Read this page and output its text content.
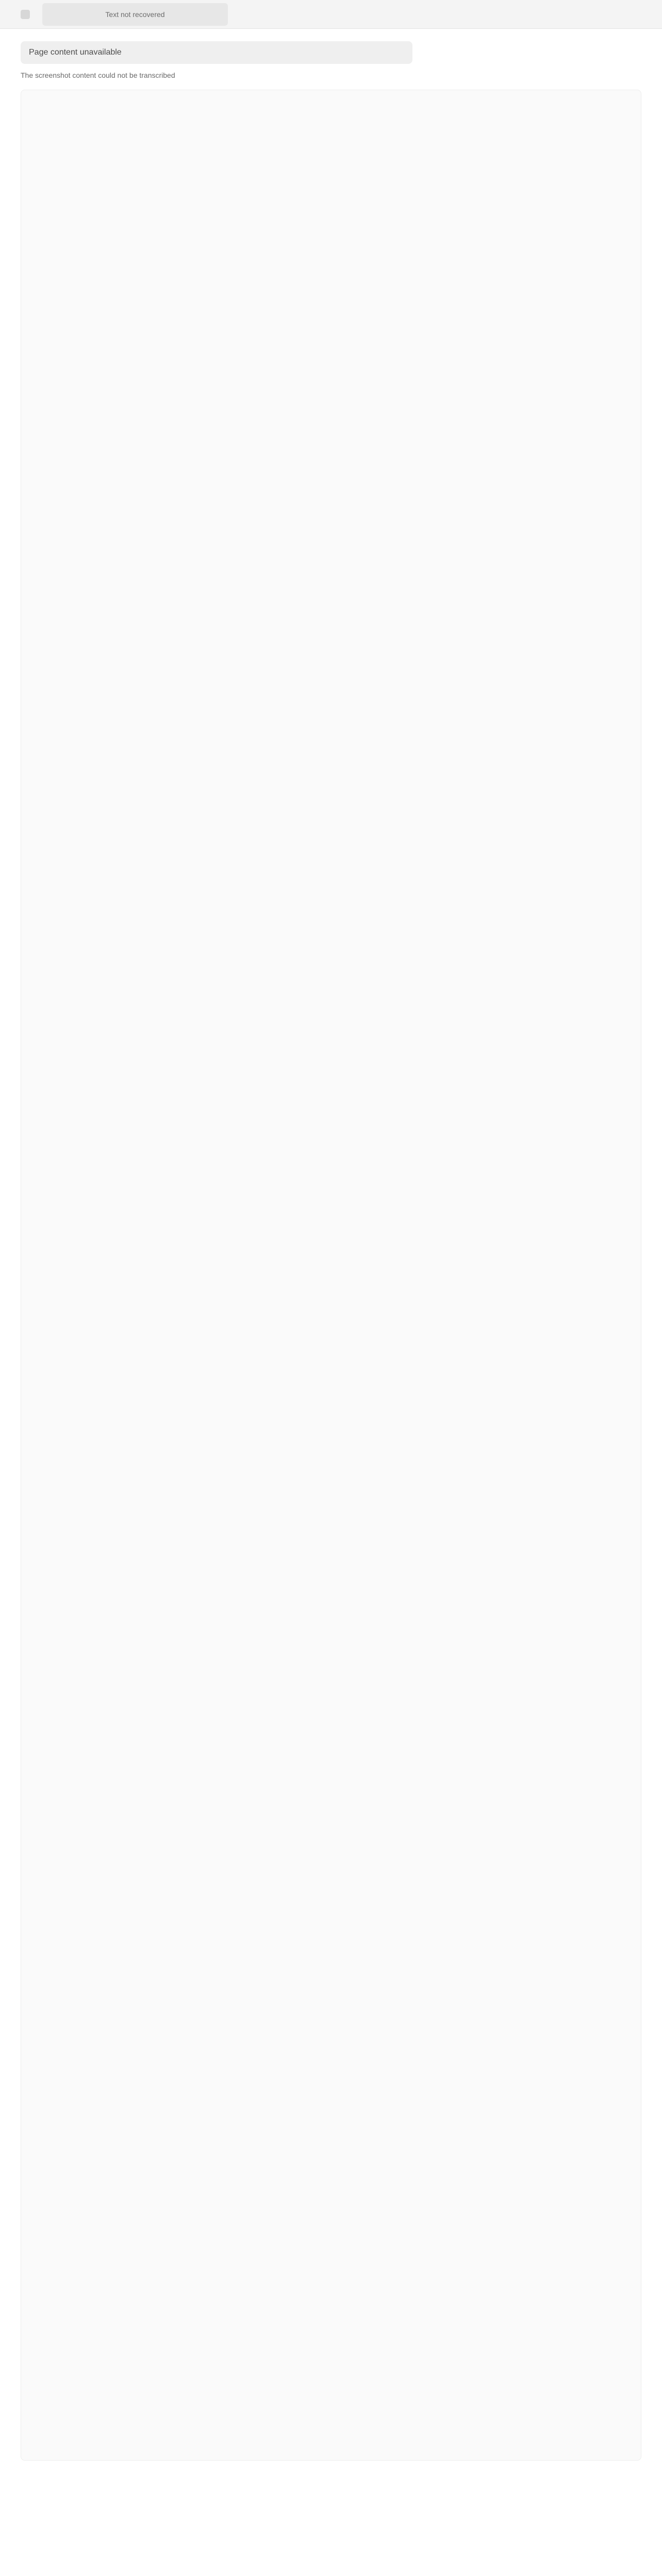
Text not recovered
Page content unavailable
The screenshot content could not be transcribed
